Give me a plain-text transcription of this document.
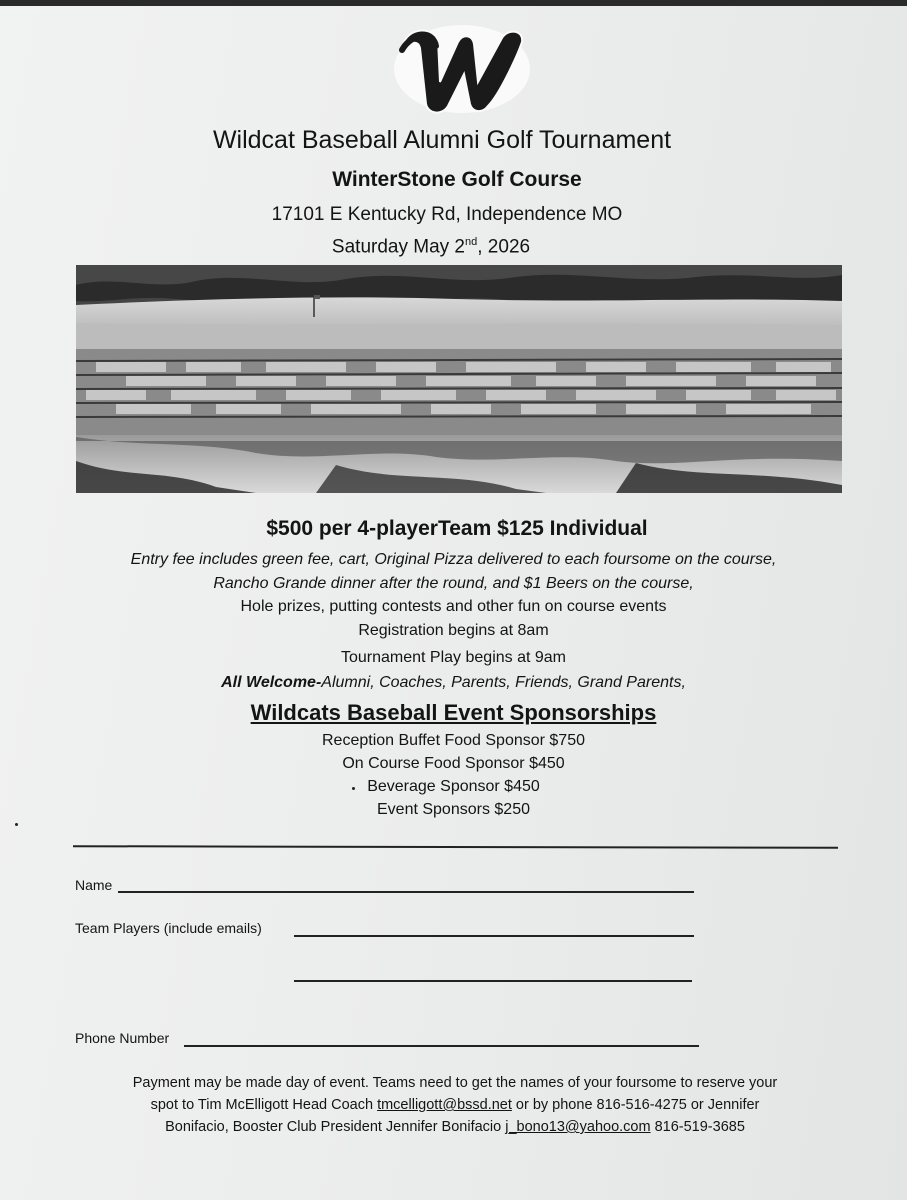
Wildcat Baseball Alumni Golf Tournament
WinterStone Golf Course
17101 E Kentucky Rd, Independence MO
Saturday May 2nd, 2026
$500 per 4-playerTeam $125 Individual
Entry fee includes green fee, cart, Original Pizza delivered to each foursome on the course,
Rancho Grande dinner after the round, and $1 Beers on the course,
Hole prizes, putting contests and other fun on course events
Registration begins at 8am
Tournament Play begins at 9am
All Welcome-Alumni, Coaches, Parents, Friends, Grand Parents,
Wildcats Baseball Event Sponsorships
Reception Buffet Food Sponsor $750
On Course Food Sponsor $450
Beverage Sponsor $450
Event Sponsors $250
Name
Team Players (include emails)
Phone Number
Payment may be made day of event. Teams need to get the names of your foursome to reserve your
spot to Tim McElligott Head Coach tmcelligott@bssd.net or by phone 816-516-4275 or Jennifer
Bonifacio, Booster Club President Jennifer Bonifacio j_bono13@yahoo.com 816-519-3685
